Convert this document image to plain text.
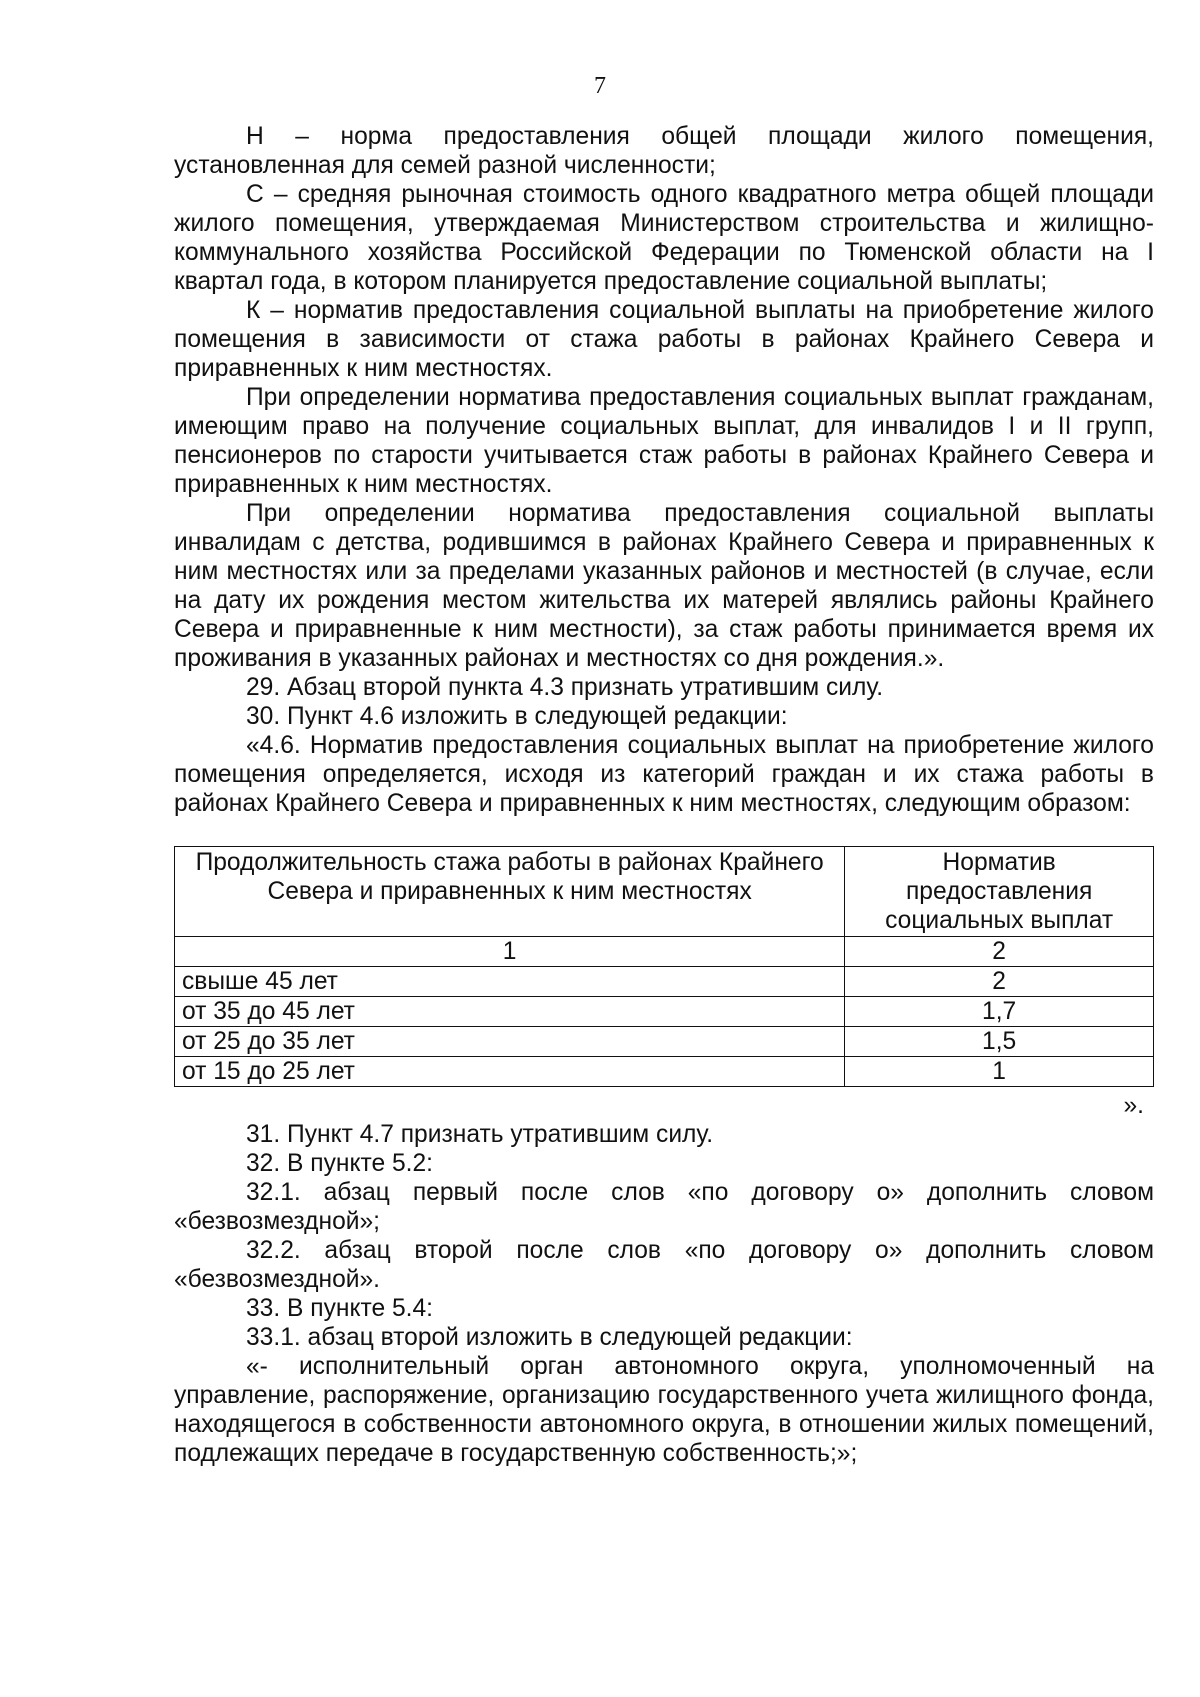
7

Н – норма предоставления общей площади жилого помещения, установленная для семей разной численности;

С – средняя рыночная стоимость одного квадратного метра общей площади жилого помещения, утверждаемая Министерством строительства и жилищно-коммунального хозяйства Российской Федерации по Тюменской области на I квартал года, в котором планируется предоставление социальной выплаты;

К – норматив предоставления социальной выплаты на приобретение жилого помещения в зависимости от стажа работы в районах Крайнего Севера и приравненных к ним местностях.

При определении норматива предоставления социальных выплат гражданам, имеющим право на получение социальных выплат, для инвалидов I и II групп, пенсионеров по старости учитывается стаж работы в районах Крайнего Севера и приравненных к ним местностях.

При определении норматива предоставления социальной выплаты инвалидам с детства, родившимся в районах Крайнего Севера и приравненных к ним местностях или за пределами указанных районов и местностей (в случае, если на дату их рождения местом жительства их матерей являлись районы Крайнего Севера и приравненные к ним местности), за стаж работы принимается время их проживания в указанных районах и местностях со дня рождения.».

29. Абзац второй пункта 4.3 признать утратившим силу.

30. Пункт 4.6 изложить в следующей редакции:

«4.6. Норматив предоставления социальных выплат на приобретение жилого помещения определяется, исходя из категорий граждан и их стажа работы в районах Крайнего Севера и приравненных к ним местностях, следующим образом:

Продолжительность стажа работы в районах Крайнего Севера и приравненных к ним местностях	Норматив предоставления социальных выплат
1	2
свыше 45 лет	2
от 35 до 45 лет	1,7
от 25 до 35 лет	1,5
от 15 до 25 лет	1

».

31. Пункт 4.7 признать утратившим силу.

32. В пункте 5.2:

32.1. абзац первый после слов «по договору о» дополнить словом «безвозмездной»;

32.2. абзац второй после слов «по договору о» дополнить словом «безвозмездной».

33. В пункте 5.4:

33.1. абзац второй изложить в следующей редакции:

«- исполнительный орган автономного округа, уполномоченный на управление, распоряжение, организацию государственного учета жилищного фонда, находящегося в собственности автономного округа, в отношении жилых помещений, подлежащих передаче в государственную собственность;»;
